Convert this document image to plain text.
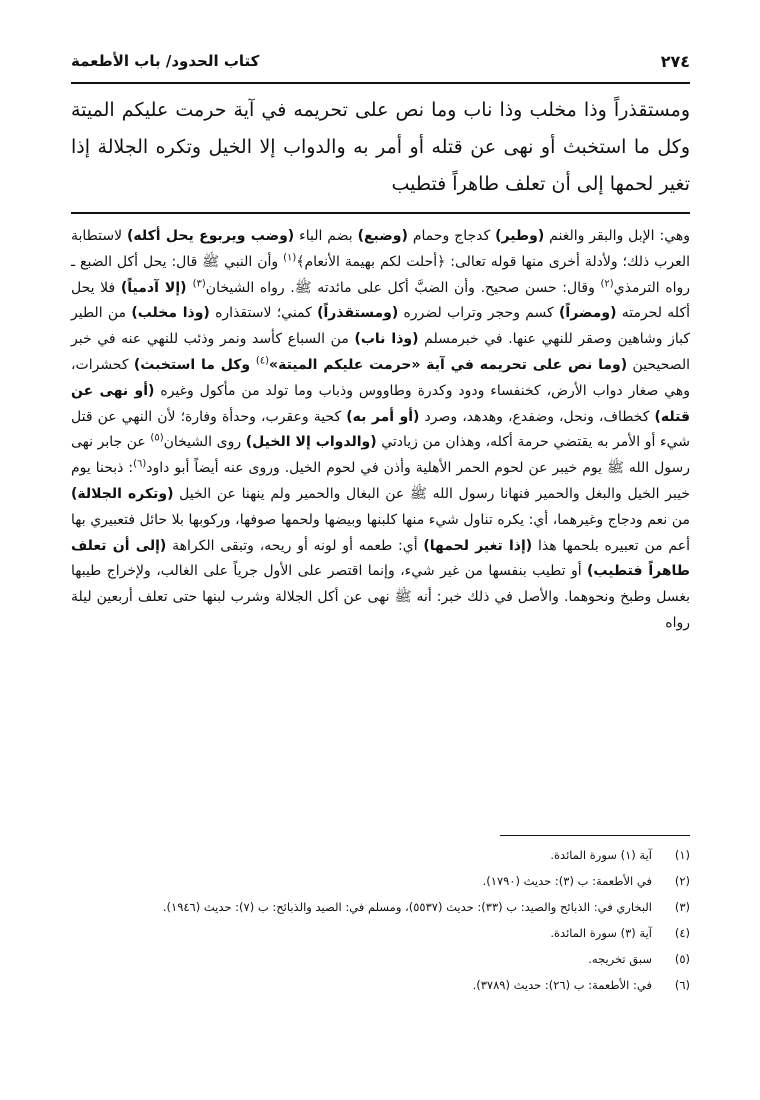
٢٧٤
كتاب الحدود/ باب الأطعمة
ومستقذراً وذا مخلب وذا ناب وما نص على تحريمه في آية حرمت عليكم الميتة وكل ما استخبث أو نهى عن قتله أو أمر به والدواب إلا الخيل وتكره الجلالة إذا تغير لحمها إلى أن تعلف طاهراً فتطيب
وهي: الإبل والبقر والغنم (وطير) كدجاج وحمام (وضبع) بضم الباء (وضب ويربوع يحل أكله) لاستطابة العرب ذلك؛ ولأدلة أخرى منها قوله تعالى: ﴿أحلت لكم بهيمة الأنعام﴾$^{(١)}$ وأن النبي ﷺ قال: يحل أكل الضبع ـ رواه الترمذي$^{(٢)}$ وقال: حسن صحيح. وأن الضبَّ أكل على مائدته ﷺ. رواه الشيخان$^{(٣)}$ (إلا آدمياً) فلا يحل أكله لحرمته (ومضراً) كسم وحجر وتراب لضرره (ومستقذراً) كمني؛ لاستقذاره (وذا مخلب) من الطير كباز وشاهين وصقر للنهي عنها. في خبرمسلم (وذا ناب) من السباع كأسد ونمر وذئب للنهي عنه في خبر الصحيحين (وما نص على تحريمه في آية «حرمت عليكم الميتة»$^{(٤)}$ وكل ما استخبث) كحشرات، وهي صغار دواب الأرض، كخنفساء ودود وكدرة وطاووس وذباب وما تولد من مأكول وغيره (أو نهى عن قتله) كخطاف، ونحل، وضفدع، وهدهد، وصرد (أو أمر به) كحية وعقرب، وحدأة وفارة؛ لأن النهي عن قتل شيء أو الأمر به يقتضي حرمة أكله، وهذان من زيادتي (والدواب إلا الخيل) روى الشيخان$^{(٥)}$ عن جابر نهى رسول الله ﷺ يوم خيبر عن لحوم الحمر الأهلية وأذن في لحوم الخيل. وروى عنه أيضاً أبو داود$^{(٦)}$: ذبحنا يوم خيبر الخيل والبغل والحمير فنهانا رسول الله ﷺ عن البغال والحمير ولم ينهنا عن الخيل (وتكره الجلالة) من نعم ودجاج وغيرهما، أي: يكره تناول شيء منها كلبنها وبيضها ولحمها صوفها، وركوبها بلا حائل فتعبيري بها أعم من تعبيره بلحمها هذا (إذا تغير لحمها) أي: طعمه أو لونه أو ريحه، وتبقى الكراهة (إلى أن تعلف طاهراً فتطيب) أو تطيب بنفسها من غير شيء، وإنما اقتصر على الأول جرياً على الغالب، ولإخراج طيبها بغسل وطبخ ونحوهما. والأصل في ذلك خبر: أنه ﷺ نهى عن أكل الجلالة وشرب لبنها حتى تعلف أربعين ليلة رواه
(١)
آية (١) سورة المائدة.
(٢)
في الأطعمة: ب (٣): حديث (١٧٩٠).
(٣)
البخاري في: الذبائح والصيد: ب (٣٣): حديث (٥٥٣٧)، ومسلم في: الصيد والذبائح: ب (٧): حديث (١٩٤٦).
(٤)
آية (٣) سورة المائدة.
(٥)
سبق تخريجه.
(٦)
في: الأطعمة: ب (٢٦): حديث (٣٧٨٩).
